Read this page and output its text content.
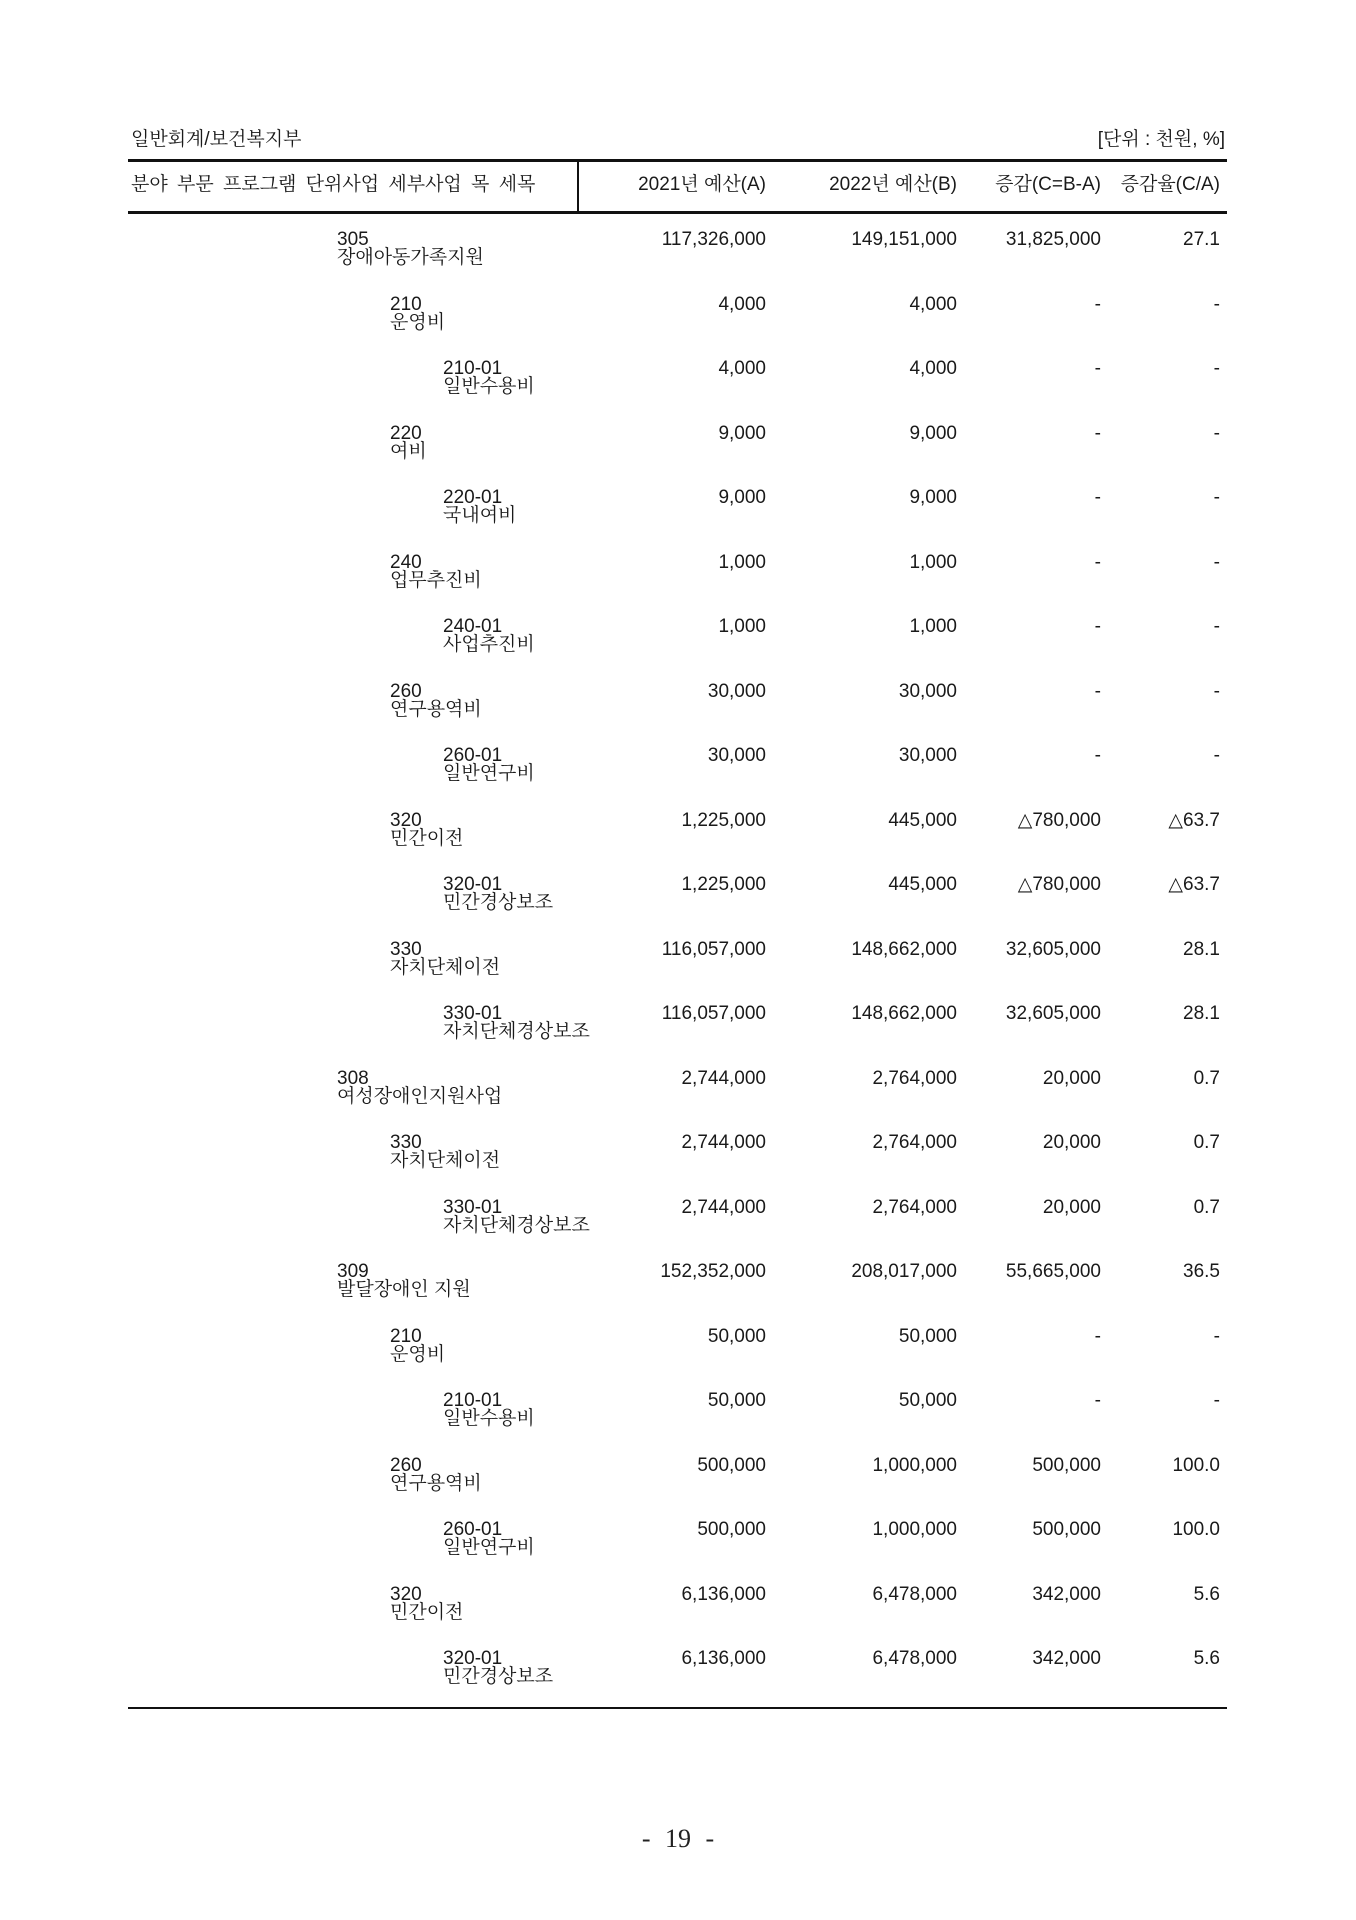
일반회계/보건복지부	[단위 : 천원, %]
분야 부문 프로그램 단위사업 세부사업 목 세목	2021년 예산(A)	2022년 예산(B) 증감(C=B-A) 증감율(C/A)
305
장애아동가족지원
117,326,000	149,151,000	31,825,000	27.1
210
운영비
4,000	4,000	-	-
210-01
일반수용비
4,000	4,000	-	-
220
여비
9,000	9,000	-	-
220-01
국내여비
9,000	9,000	-	-
240
업무추진비
1,000	1,000	-	-
240-01
사업추진비
1,000	1,000	-	-
260
연구용역비
30,000	30,000	-	-
260-01
일반연구비
30,000	30,000	-	-
320
민간이전
1,225,000	445,000	△780,000	△63.7
320-01
민간경상보조
1,225,000	445,000	△780,000	△63.7
330
자치단체이전
116,057,000	148,662,000	32,605,000	28.1
330-01
자치단체경상보조
116,057,000	148,662,000	32,605,000	28.1
308
여성장애인지원사업
2,744,000	2,764,000	20,000	0.7
330
자치단체이전
2,744,000	2,764,000	20,000	0.7
330-01
자치단체경상보조
2,744,000	2,764,000	20,000	0.7
309
발달장애인 지원
152,352,000	208,017,000	55,665,000	36.5
210
운영비
50,000	50,000	-	-
210-01
일반수용비
50,000	50,000	-	-
260
연구용역비
500,000	1,000,000	500,000	100.0
260-01
일반연구비
500,000	1,000,000	500,000	100.0
320
민간이전
6,136,000	6,478,000	342,000	5.6
320-01
민간경상보조
6,136,000	6,478,000	342,000	5.6
- 19 -
